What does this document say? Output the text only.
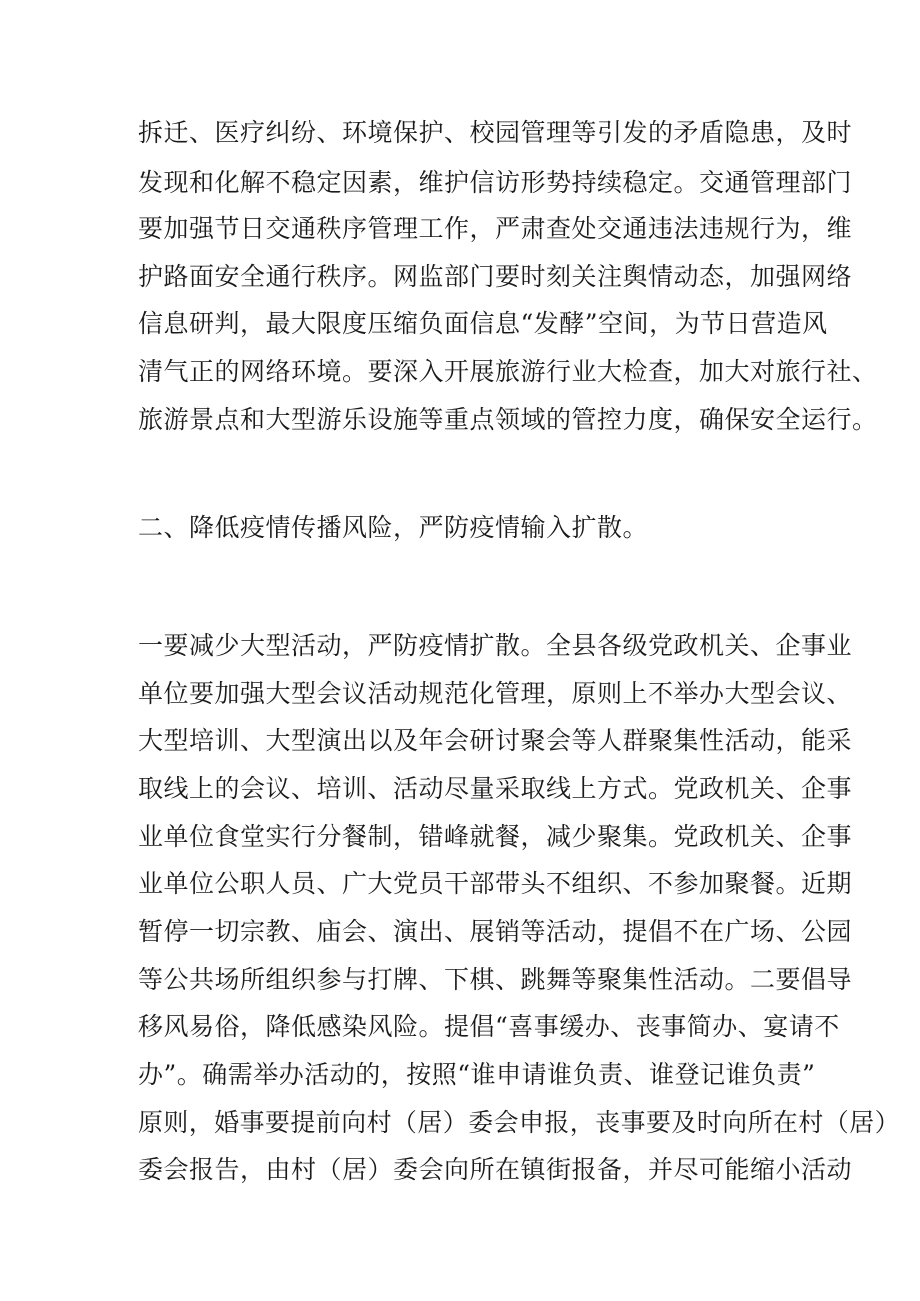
拆迁、医疗纠纷、环境保护、校园管理等引发的矛盾隐患，及时
发现和化解不稳定因素，维护信访形势持续稳定。交通管理部门
要加强节日交通秩序管理工作，严肃查处交通违法违规行为，维
护路面安全通行秩序。网监部门要时刻关注舆情动态，加强网络
信息研判，最大限度压缩负面信息“发酵”空间，为节日营造风
清气正的网络环境。要深入开展旅游行业大检查，加大对旅行社、
旅游景点和大型游乐设施等重点领域的管控力度，确保安全运行。
二、降低疫情传播风险，严防疫情输入扩散。
一要减少大型活动，严防疫情扩散。全县各级党政机关、企事业
单位要加强大型会议活动规范化管理，原则上不举办大型会议、
大型培训、大型演出以及年会研讨聚会等人群聚集性活动，能采
取线上的会议、培训、活动尽量采取线上方式。党政机关、企事
业单位食堂实行分餐制，错峰就餐，减少聚集。党政机关、企事
业单位公职人员、广大党员干部带头不组织、不参加聚餐。近期
暂停一切宗教、庙会、演出、展销等活动，提倡不在广场、公园
等公共场所组织参与打牌、下棋、跳舞等聚集性活动。二要倡导
移风易俗，降低感染风险。提倡“喜事缓办、丧事简办、宴请不
办”。确需举办活动的，按照“谁申请谁负责、谁登记谁负责”
原则，婚事要提前向村（居）委会申报，丧事要及时向所在村（居）
委会报告，由村（居）委会向所在镇街报备，并尽可能缩小活动
